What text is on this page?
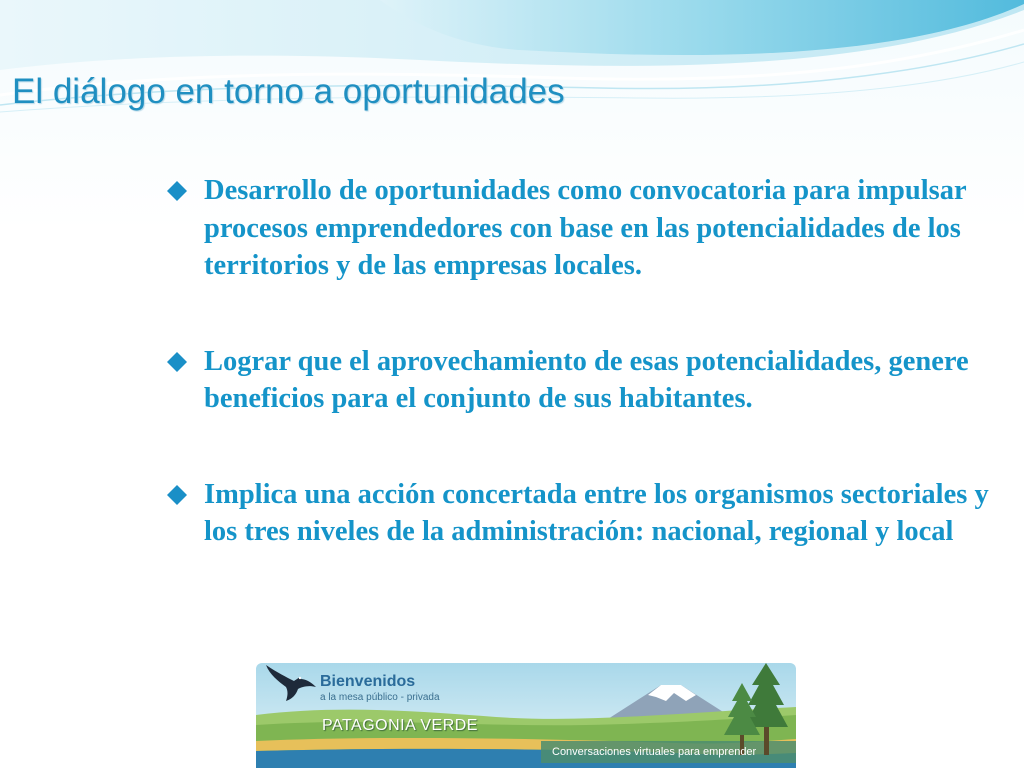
El diálogo en torno a oportunidades
Desarrollo de oportunidades como convocatoria para impulsar procesos emprendedores con base en las potencialidades de los territorios y de las empresas locales.
Lograr que el aprovechamiento de esas potencialidades, genere beneficios para el conjunto de sus habitantes.
Implica una acción concertada entre los organismos sectoriales y los tres niveles de la administración: nacional, regional y local
Bienvenidos
a la mesa público - privada
PATAGONIA VERDE
Conversaciones virtuales para emprender
